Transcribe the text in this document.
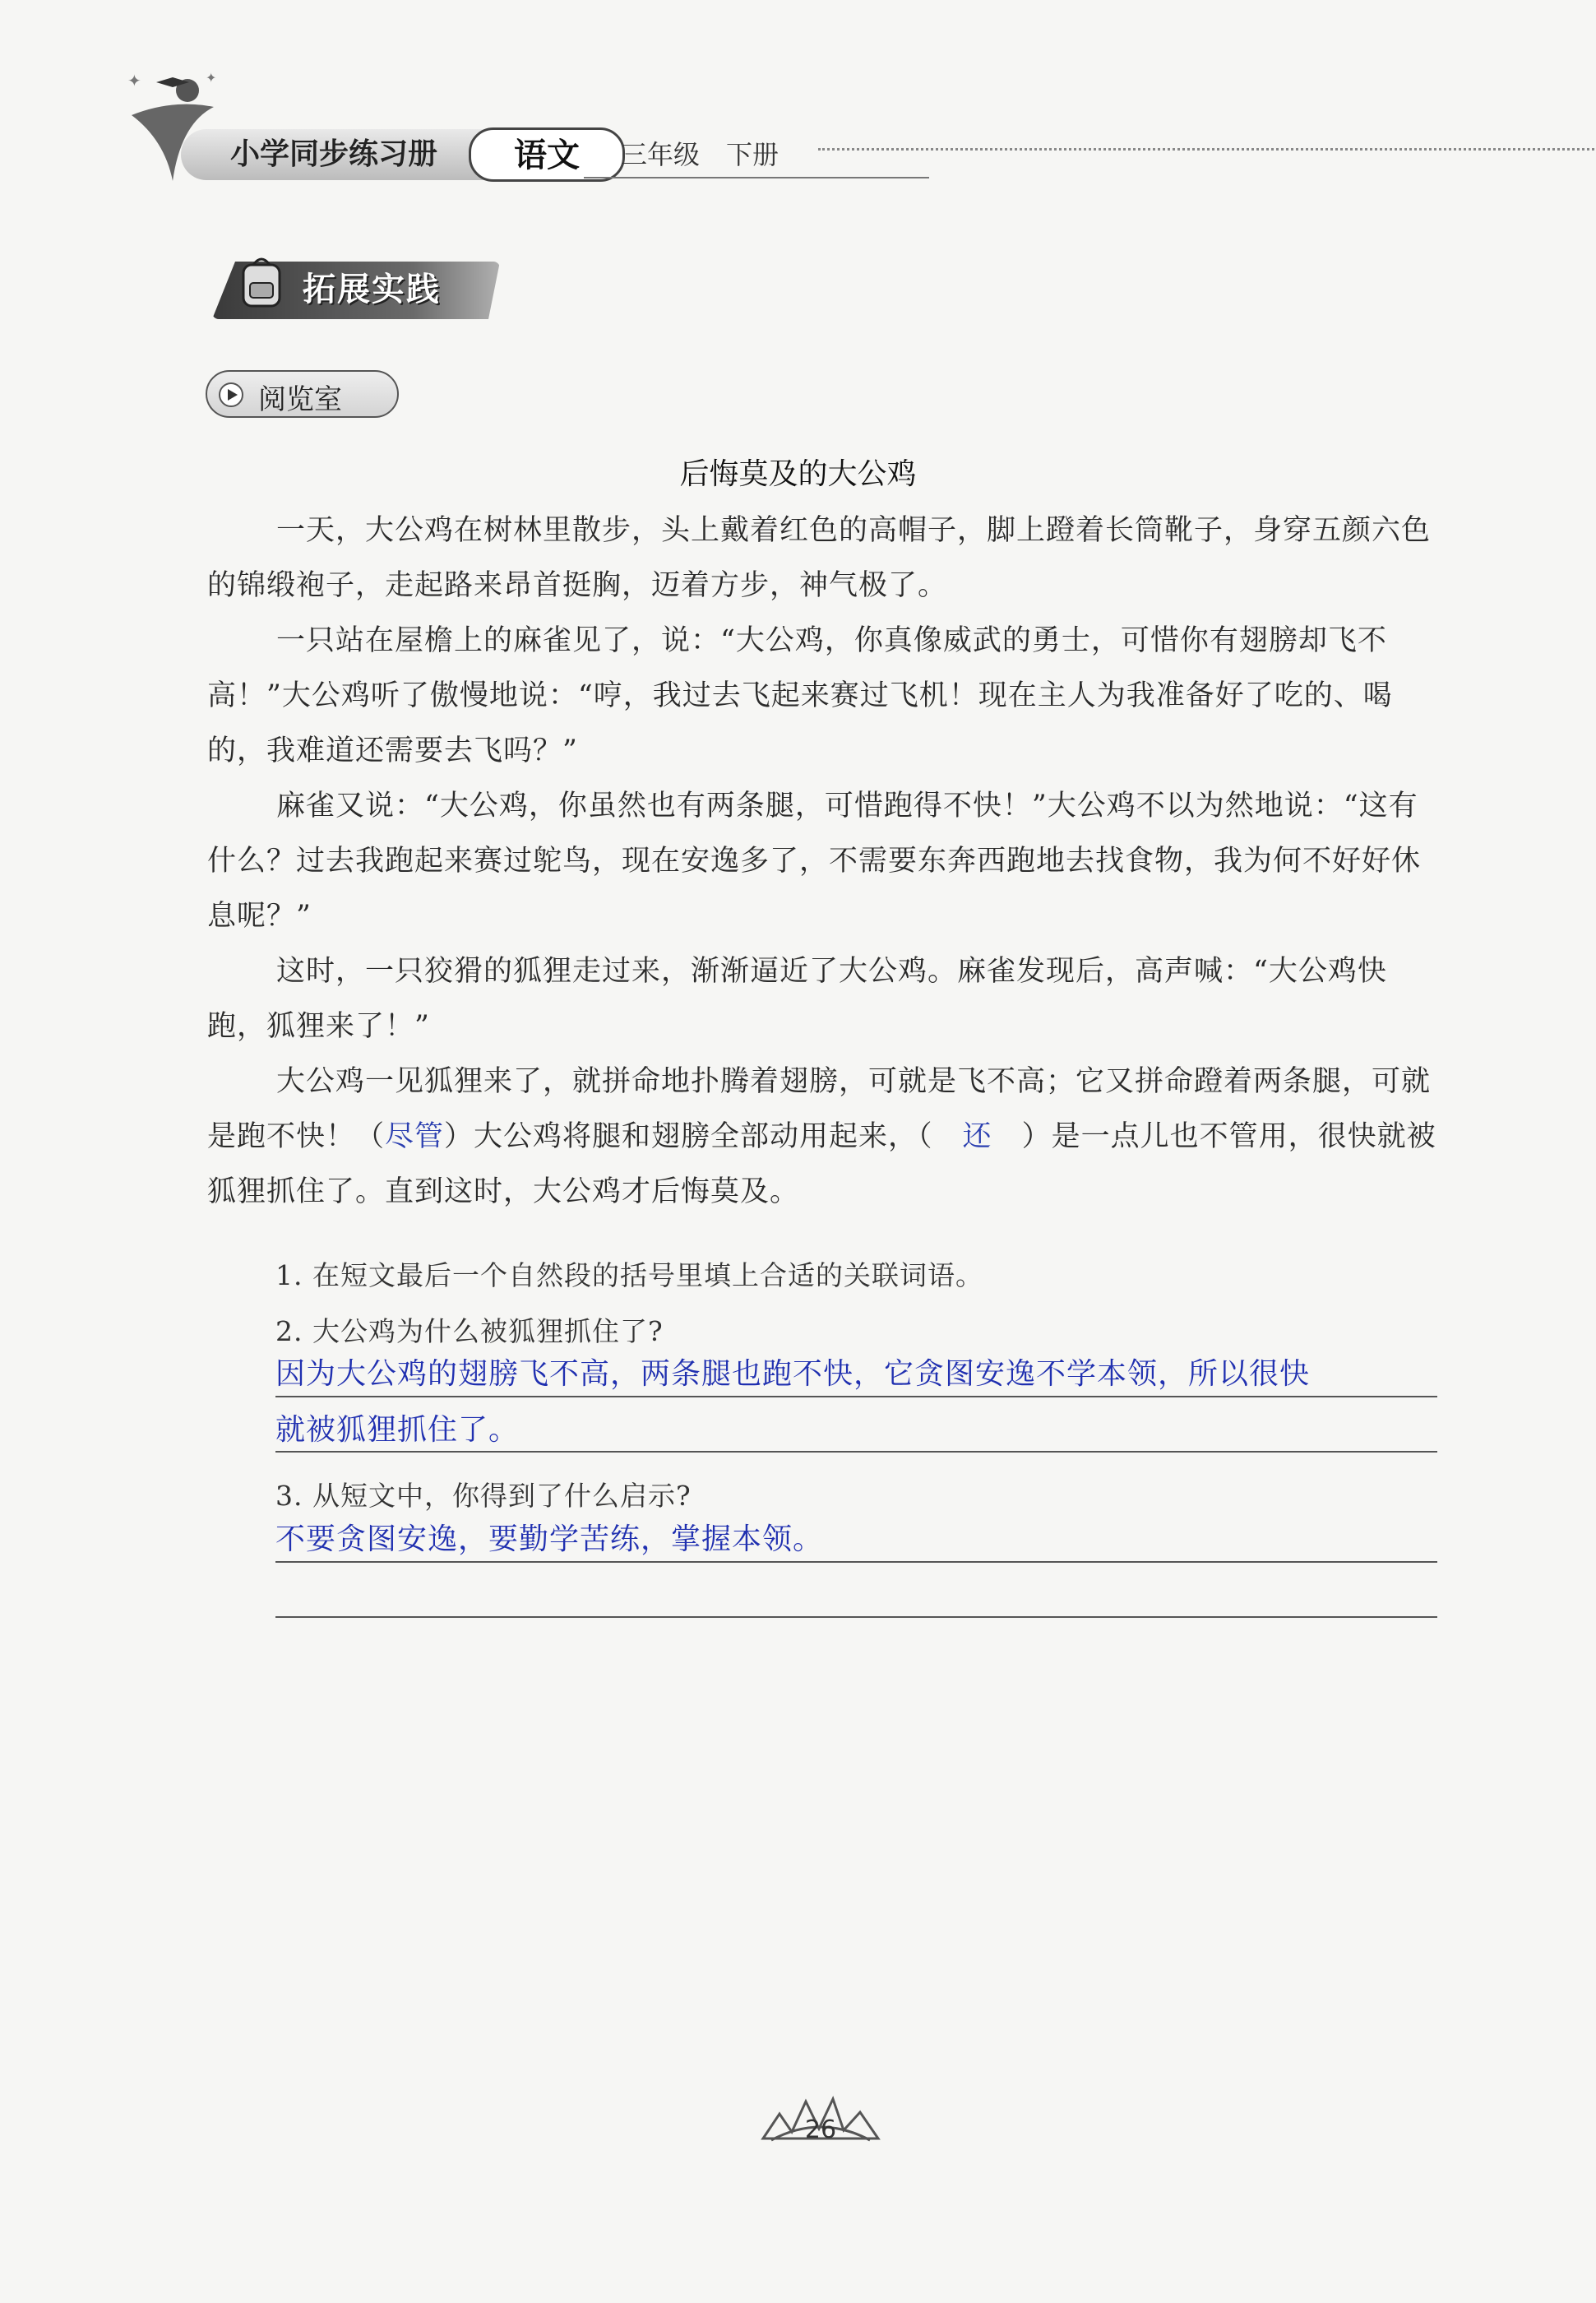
✦	✦
小学同步练习册	语文	三年级　下册
拓展实践
阅览室
后悔莫及的大公鸡
一天，大公鸡在树林里散步，头上戴着红色的高帽子，脚上蹬着长筒靴子，身穿五颜六色的锦缎袍子，走起路来昂首挺胸，迈着方步，神气极了。
一只站在屋檐上的麻雀见了，说：“大公鸡，你真像威武的勇士，可惜你有翅膀却飞不高！”大公鸡听了傲慢地说：“哼，我过去飞起来赛过飞机！现在主人为我准备好了吃的、喝的，我难道还需要去飞吗？”
麻雀又说：“大公鸡，你虽然也有两条腿，可惜跑得不快！”大公鸡不以为然地说：“这有什么？过去我跑起来赛过鸵鸟，现在安逸多了，不需要东奔西跑地去找食物，我为何不好好休息呢？”
这时，一只狡猾的狐狸走过来，渐渐逼近了大公鸡。麻雀发现后，高声喊：“大公鸡快跑，狐狸来了！”
大公鸡一见狐狸来了，就拼命地扑腾着翅膀，可就是飞不高；它又拼命蹬着两条腿，可就是跑不快！（尽管）大公鸡将腿和翅膀全部动用起来，（　还　）是一点儿也不管用，很快就被狐狸抓住了。直到这时，大公鸡才后悔莫及。
1. 在短文最后一个自然段的括号里填上合适的关联词语。
2. 大公鸡为什么被狐狸抓住了?
因为大公鸡的翅膀飞不高，两条腿也跑不快，它贪图安逸不学本领，所以很快
就被狐狸抓住了。
3. 从短文中，你得到了什么启示?
不要贪图安逸，要勤学苦练，掌握本领。
26
